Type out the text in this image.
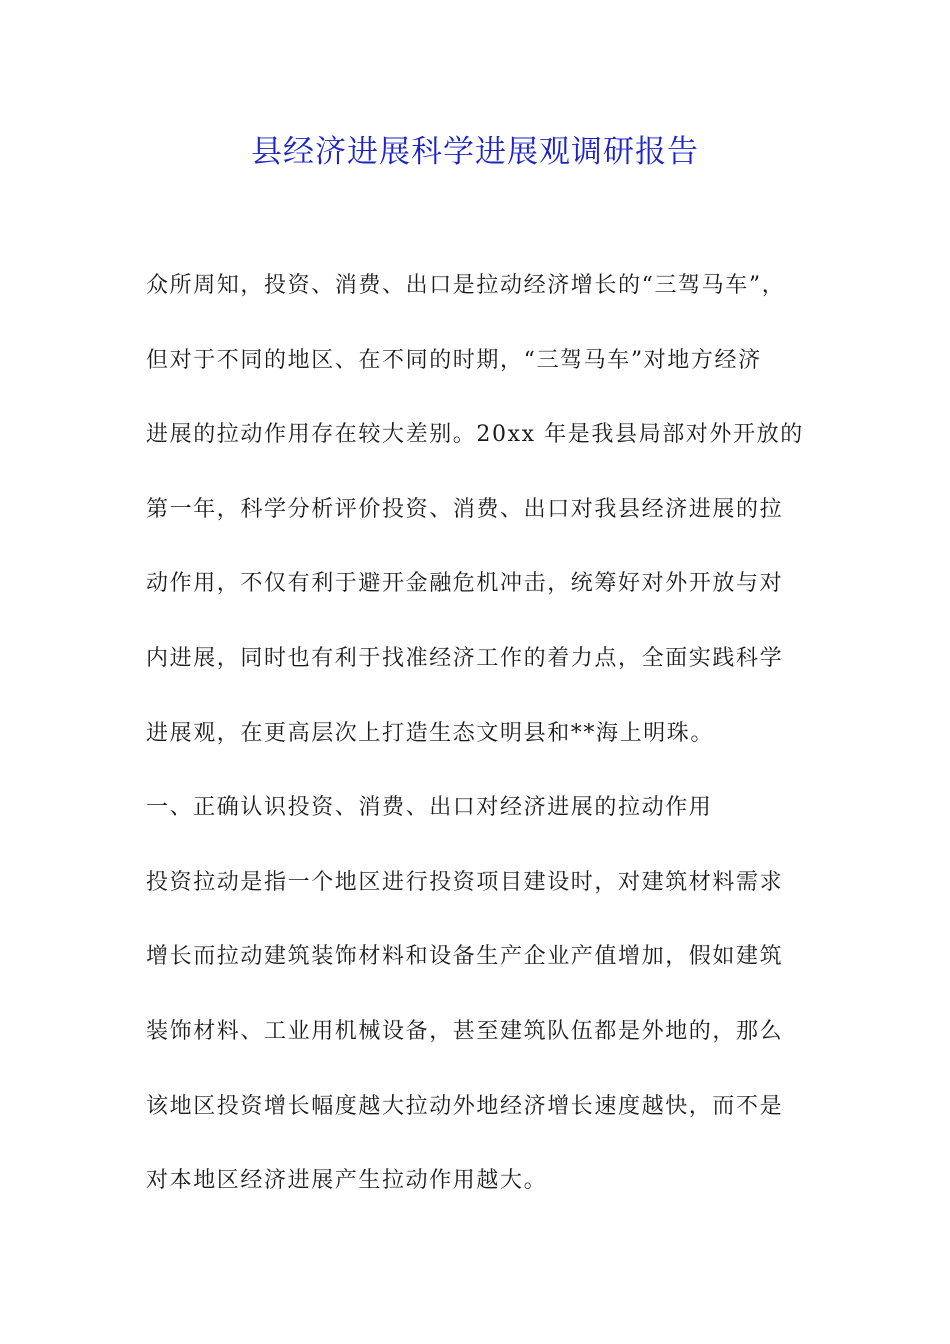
县经济进展科学进展观调研报告
众所周知，投资、消费、出口是拉动经济增长的“三驾马车”，
但对于不同的地区、在不同的时期，“三驾马车”对地方经济
进展的拉动作用存在较大差别。20xx 年是我县局部对外开放的
第一年，科学分析评价投资、消费、出口对我县经济进展的拉
动作用，不仅有利于避开金融危机冲击，统筹好对外开放与对
内进展，同时也有利于找准经济工作的着力点，全面实践科学
进展观，在更高层次上打造生态文明县和**海上明珠。
一、正确认识投资、消费、出口对经济进展的拉动作用
投资拉动是指一个地区进行投资项目建设时，对建筑材料需求
增长而拉动建筑装饰材料和设备生产企业产值增加，假如建筑
装饰材料、工业用机械设备，甚至建筑队伍都是外地的，那么
该地区投资增长幅度越大拉动外地经济增长速度越快，而不是
对本地区经济进展产生拉动作用越大。
